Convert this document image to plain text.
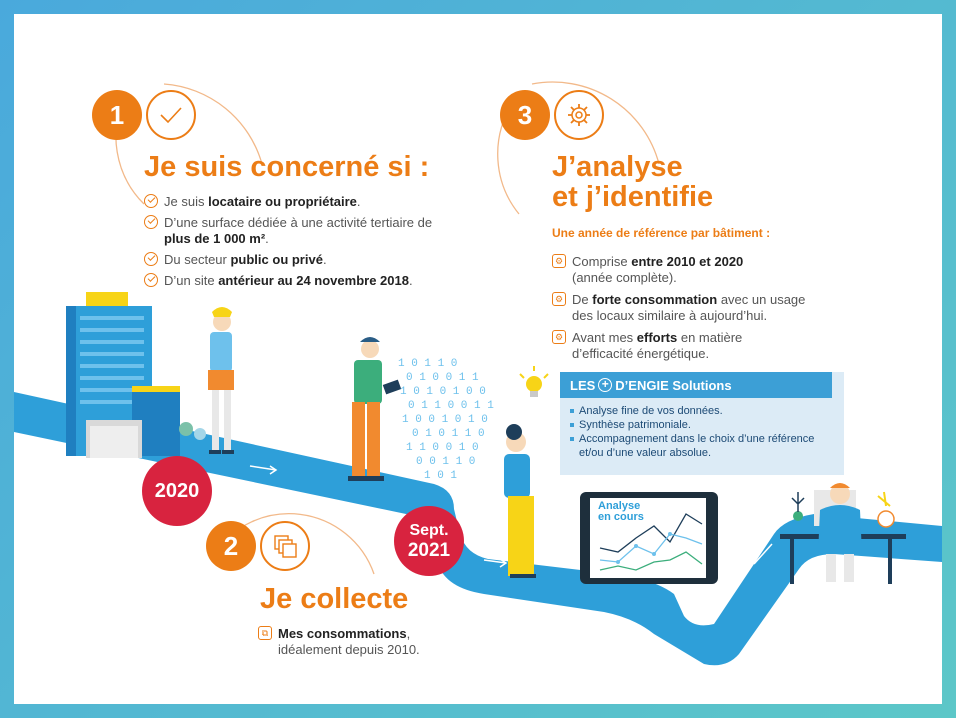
1 0 1 1 0
0 1 0 0 1 1
1 0 1 0 1 0 0
0 1 1 0 0 1 1
1 0 0 1 0 1 0
0 1 0 1 1 0
1 1 0 0 1 0
0 0 1 1 0
1 0 1
1
Je suis concerné si :
Je suis locataire ou propriétaire.
D’une surface dédiée à une activité tertiaire de plus de 1 000 m².
Du secteur public ou privé.
D’un site antérieur au 24 novembre 2018.
3
J’analyse
et j’identifie
Une année de référence par bâtiment :
⚙ Comprise entre 2010 et 2020
(année complète).
⚙ De forte consommation avec un usage
des locaux similaire à aujourd’hui.
⚙ Avant mes efforts en matière
d’efficacité énergétique.
LES + D’ENGIE Solutions
Analyse fine de vos données.
Synthèse patrimoniale.
Accompagnement dans le choix d’une référence et/ou d’une valeur absolue.
2020
Sept.
2021
Analyse
en cours
2
Je collecte
⧉ Mes consommations,
idéalement depuis 2010.
